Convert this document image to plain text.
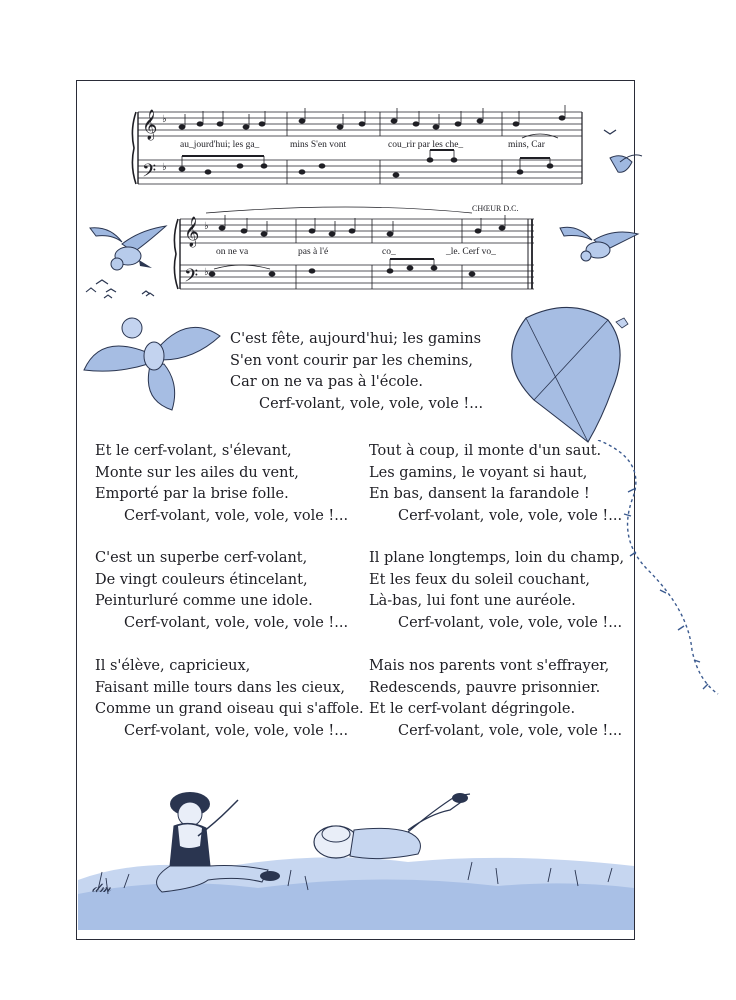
𝄞
𝄢
♭
♭
au_jourd'hui; les ga_	mins S'en vont	cou_rir par les che_	mins, Car
𝄞
𝄢
♭
♭
CHŒUR D.C.
on ne va	pas à l'é	co_	_le. Cerf vo_
C'est fête, aujourd'hui; les gamins
S'en vont courir par les chemins,
Car on ne va pas à l'école.
Cerf-volant, vole, vole, vole !...
Et le cerf-volant, s'élevant,
Monte sur les ailes du vent,
Emporté par la brise folle.
Cerf-volant, vole, vole, vole !...
C'est un superbe cerf-volant,
De vingt couleurs étincelant,
Peinturluré comme une idole.
Cerf-volant, vole, vole, vole !...
Il s'élève, capricieux,
Faisant mille tours dans les cieux,
Comme un grand oiseau qui s'affole.
Cerf-volant, vole, vole, vole !...
Tout à coup, il monte d'un saut.
Les gamins, le voyant si haut,
En bas, dansent la farandole !
Cerf-volant, vole, vole, vole !...
Il plane longtemps, loin du champ,
Et les feux du soleil couchant,
Là-bas, lui font une auréole.
Cerf-volant, vole, vole, vole !...
Mais nos parents vont s'effrayer,
Redescends, pauvre prisonnier.
Et le cerf-volant dégringole.
Cerf-volant, vole, vole, vole !...
𝒹𝓂
